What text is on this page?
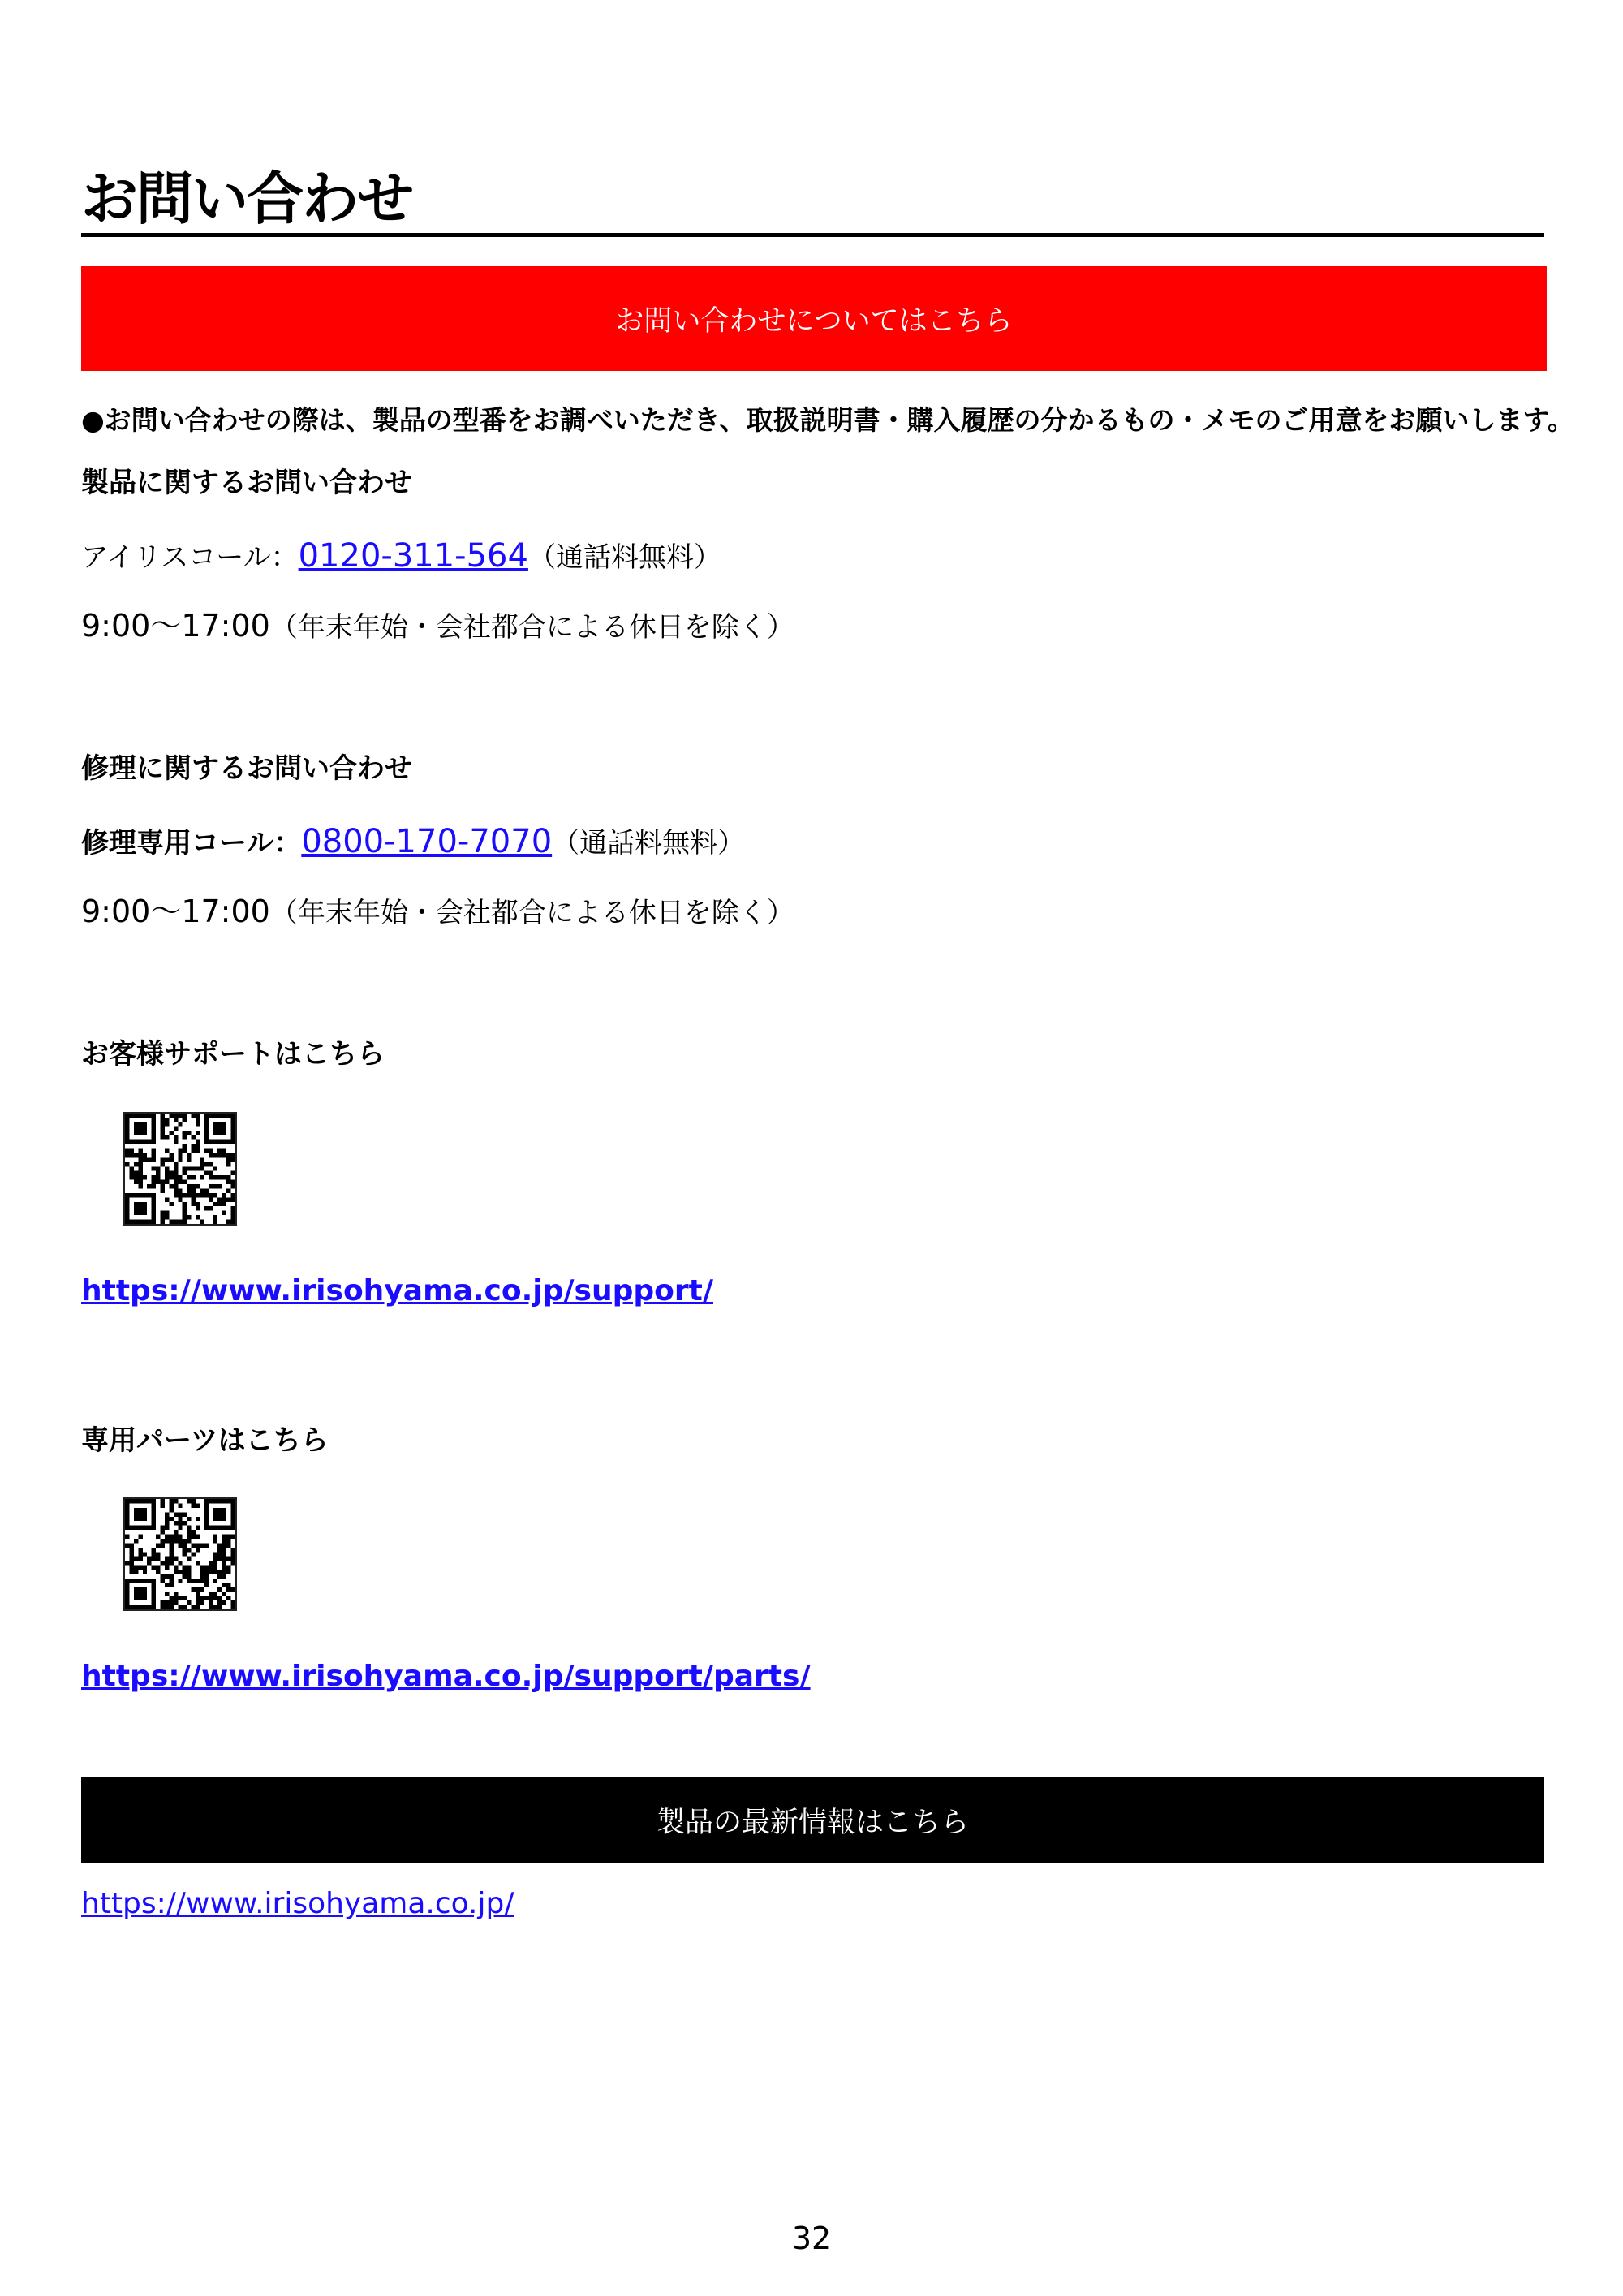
お問い合わせ
お問い合わせについてはこちら
●お問い合わせの際は、製品の型番をお調べいただき、取扱説明書・購入履歴の分かるもの・メモのご用意をお願いします。
製品に関するお問い合わせ
アイリスコール：0120-311-564（通話料無料）
9:00〜17:00（年末年始・会社都合による休日を除く）
修理に関するお問い合わせ
修理専用コール：0800-170-7070（通話料無料）
9:00〜17:00（年末年始・会社都合による休日を除く）
お客様サポートはこちら
https://www.irisohyama.co.jp/support/
専用パーツはこちら
https://www.irisohyama.co.jp/support/parts/
製品の最新情報はこちら
https://www.irisohyama.co.jp/
32
